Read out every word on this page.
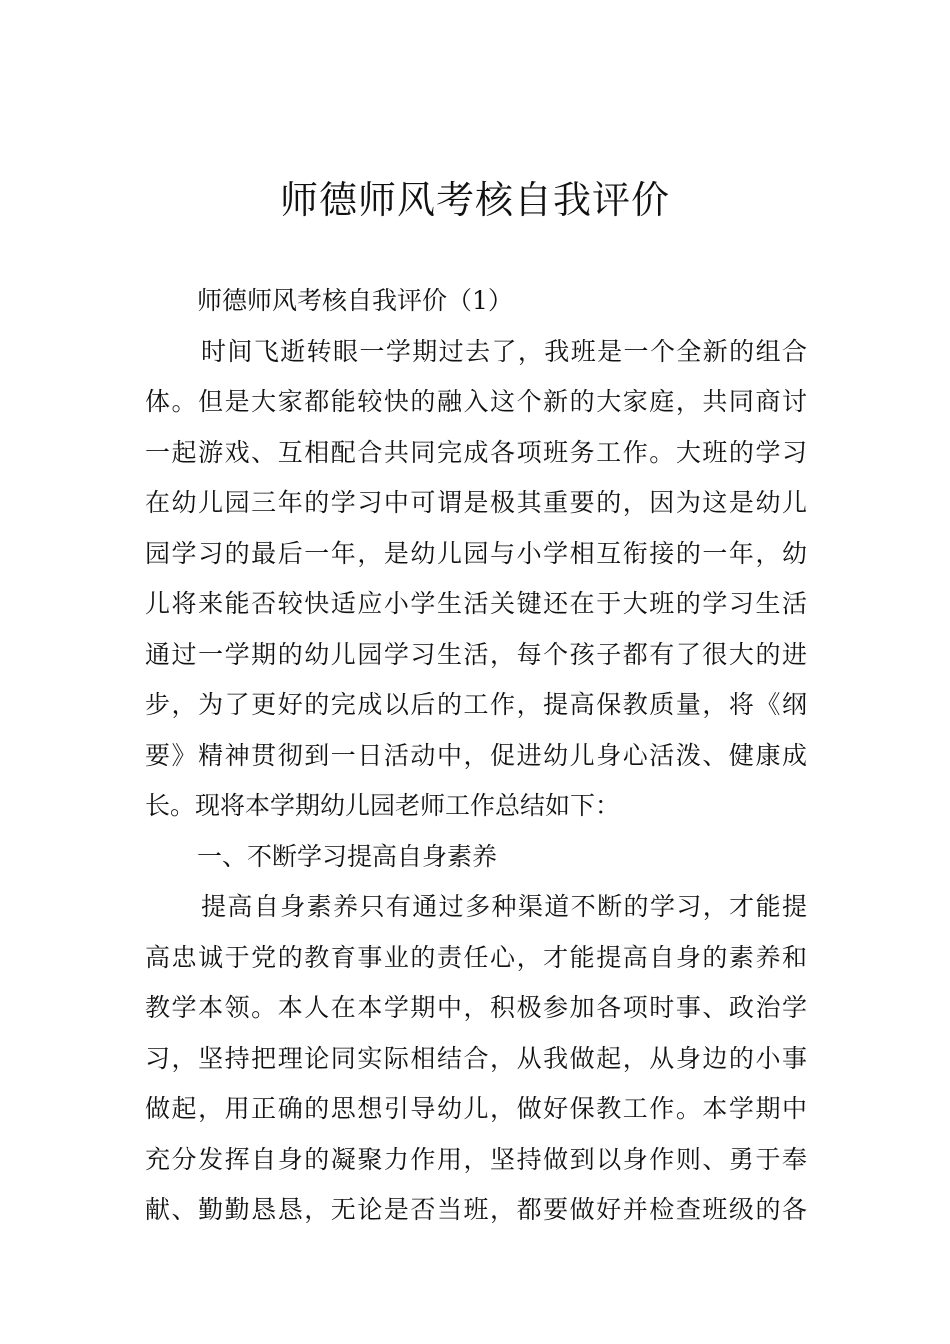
师德师风考核自我评价
师德师风考核自我评价（1）
时间飞逝转眼一学期过去了，我班是一个全新的组合
体。但是大家都能较快的融入这个新的大家庭，共同商讨
一起游戏、互相配合共同完成各项班务工作。大班的学习
在幼儿园三年的学习中可谓是极其重要的，因为这是幼儿
园学习的最后一年，是幼儿园与小学相互衔接的一年，幼
儿将来能否较快适应小学生活关键还在于大班的学习生活
通过一学期的幼儿园学习生活，每个孩子都有了很大的进
步，为了更好的完成以后的工作，提高保教质量，将《纲
要》精神贯彻到一日活动中，促进幼儿身心活泼、健康成
长。现将本学期幼儿园老师工作总结如下：
一、不断学习提高自身素养
提高自身素养只有通过多种渠道不断的学习，才能提
高忠诚于党的教育事业的责任心，才能提高自身的素养和
教学本领。本人在本学期中，积极参加各项时事、政治学
习，坚持把理论同实际相结合，从我做起，从身边的小事
做起，用正确的思想引导幼儿，做好保教工作。本学期中
充分发挥自身的凝聚力作用，坚持做到以身作则、勇于奉
献、勤勤恳恳，无论是否当班，都要做好并检查班级的各
